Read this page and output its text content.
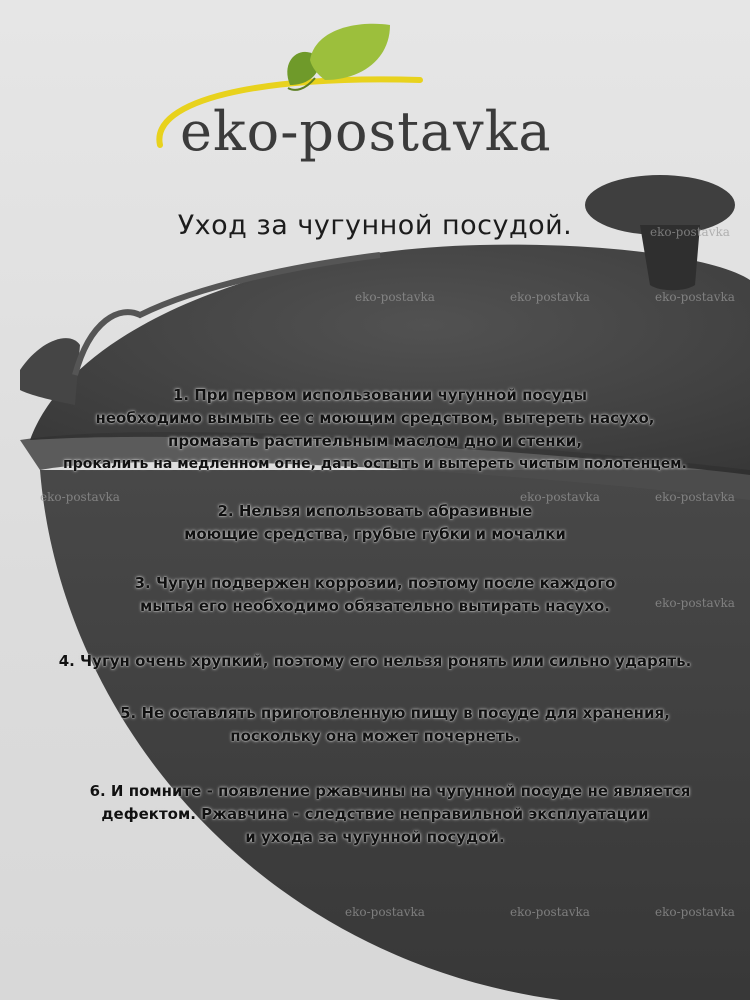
eko-postavka
eko-postavka	eko-postavka	eko-postavka
eko-postavka	eko-postavka	eko-postavka
eko-postavka
eko-postavka	eko-postavka	eko-postavka
eko-postavka
Уход за чугунной посудой.
1. При первом использовании чугунной посуды
необходимо вымыть ее с моющим средством, вытереть насухо,
промазать растительным маслом дно и стенки,
прокалить на медленном огне, дать остыть и вытереть чистым полотенцем.
2. Нельзя использовать абразивные
моющие средства, грубые губки и мочалки
3. Чугун подвержен коррозии, поэтому после каждого
мытья его необходимо обязательно вытирать насухо.
4. Чугун очень хрупкий, поэтому его нельзя ронять или сильно ударять.
5. Не оставлять приготовленную пищу в посуде для хранения,
поскольку она может почернеть.
6. И помните - появление ржавчины на чугунной посуде не является
дефектом. Ржавчина - следствие неправильной эксплуатации
и ухода за чугунной посудой.
